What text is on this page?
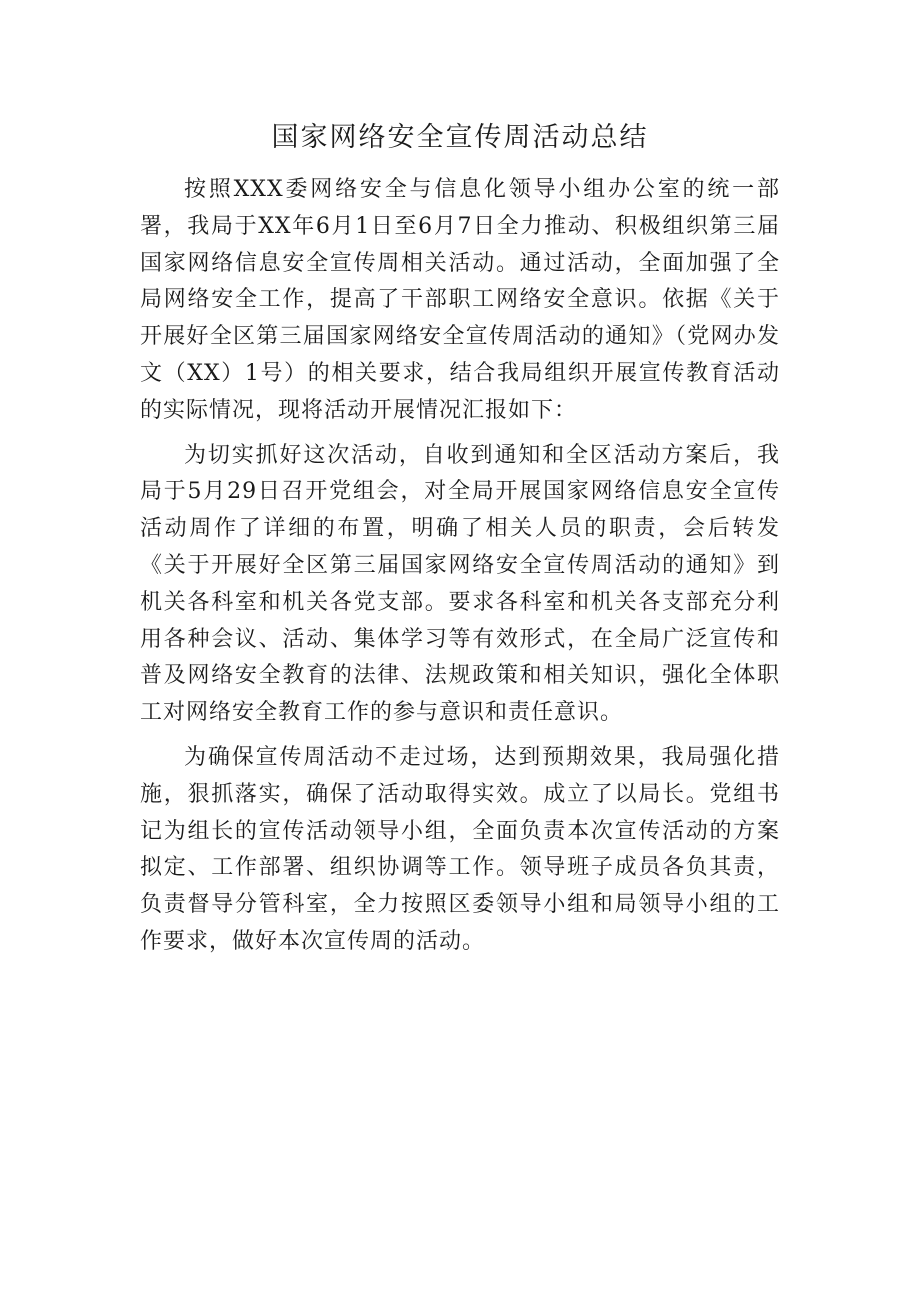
国家网络安全宣传周活动总结

按照XXX委网络安全与信息化领导小组办公室的统一部署，我局于XX年6月1日至6月7日全力推动、积极组织第三届国家网络信息安全宣传周相关活动。通过活动，全面加强了全局网络安全工作，提高了干部职工网络安全意识。依据《关于开展好全区第三届国家网络安全宣传周活动的通知》（党网办发文（XX）1号）的相关要求，结合我局组织开展宣传教育活动的实际情况，现将活动开展情况汇报如下：

为切实抓好这次活动，自收到通知和全区活动方案后，我局于5月29日召开党组会，对全局开展国家网络信息安全宣传活动周作了详细的布置，明确了相关人员的职责，会后转发《关于开展好全区第三届国家网络安全宣传周活动的通知》到机关各科室和机关各党支部。要求各科室和机关各支部充分利用各种会议、活动、集体学习等有效形式，在全局广泛宣传和普及网络安全教育的法律、法规政策和相关知识，强化全体职工对网络安全教育工作的参与意识和责任意识。

为确保宣传周活动不走过场，达到预期效果，我局强化措施，狠抓落实，确保了活动取得实效。成立了以局长。党组书记为组长的宣传活动领导小组，全面负责本次宣传活动的方案拟定、工作部署、组织协调等工作。领导班子成员各负其责，负责督导分管科室，全力按照区委领导小组和局领导小组的工作要求，做好本次宣传周的活动。
